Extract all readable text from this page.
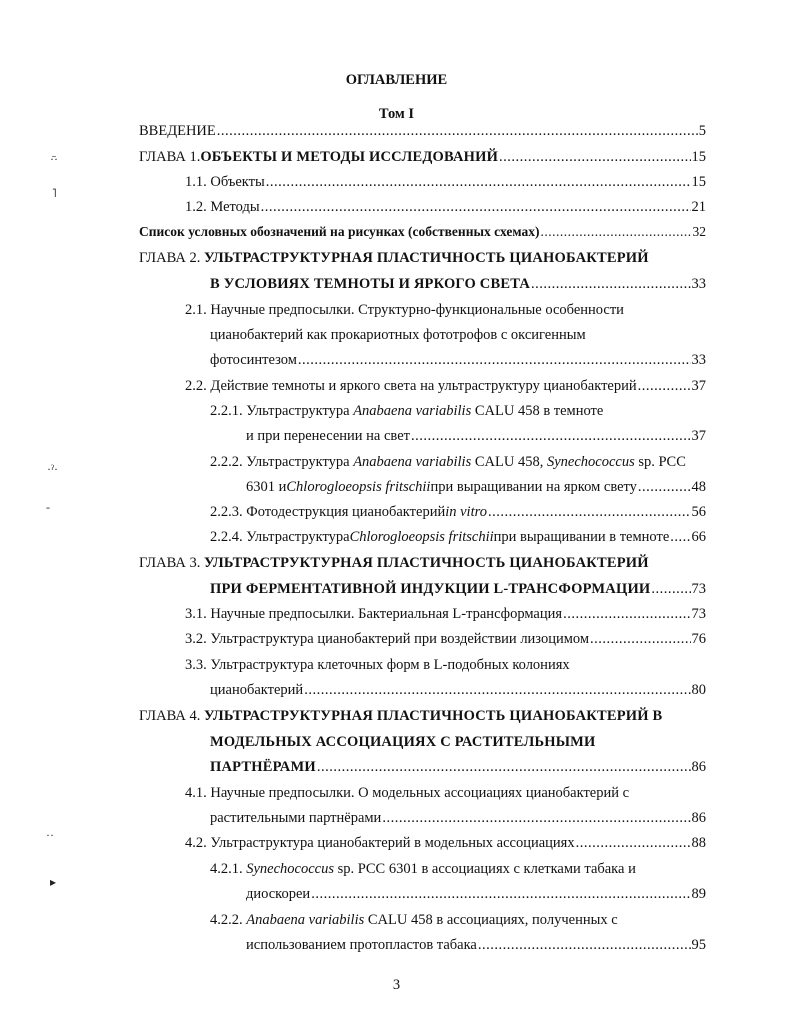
·̄·
˥
·ˀ·
-
··
▸
ОГЛАВЛЕНИЕ
Том I
ВВЕДЕНИЕ .....	5
ГЛАВА 1. ОБЪЕКТЫ И МЕТОДЫ ИССЛЕДОВАНИЙ .....	15
1.1. Объекты .....	15
1.2. Методы .....	21
Список условных обозначений на рисунках (собственных схемах) .....	32
ГЛАВА 2. УЛЬТРАСТРУКТУРНАЯ ПЛАСТИЧНОСТЬ ЦИАНОБАКТЕРИЙ
В УСЛОВИЯХ ТЕМНОТЫ И ЯРКОГО СВЕТА .....	33
2.1. Научные предпосылки. Структурно-функциональные особенности
цианобактерий как прокариотных фототрофов с оксигенным
фотосинтезом .....	33
2.2. Действие темноты и яркого света на ультраструктуру цианобактерий .....	37
2.2.1. Ультраструктура Anabaena variabilis CALU 458 в темноте
и при перенесении на свет .....	37
2.2.2. Ультраструктура Anabaena variabilis CALU 458, Synechococcus sp. PCC
6301 и Chlorogloeopsis fritschii при выращивании на ярком свету .....	48
2.2.3. Фотодеструкция цианобактерий in vitro .....	56
2.2.4. Ультраструктура Chlorogloeopsis fritschii при выращивании в темноте ..... 66
ГЛАВА 3. УЛЬТРАСТРУКТУРНАЯ ПЛАСТИЧНОСТЬ ЦИАНОБАКТЕРИЙ
ПРИ ФЕРМЕНТАТИВНОЙ ИНДУКЦИИ L-ТРАНСФОРМАЦИИ .....	73
3.1. Научные предпосылки. Бактериальная L-трансформация .....	73
3.2. Ультраструктура цианобактерий при воздействии лизоцимом .....	76
3.3. Ультраструктура клеточных форм в L-подобных колониях
цианобактерий .....	80
ГЛАВА 4. УЛЬТРАСТРУКТУРНАЯ ПЛАСТИЧНОСТЬ ЦИАНОБАКТЕРИЙ В
МОДЕЛЬНЫХ АССОЦИАЦИЯХ С РАСТИТЕЛЬНЫМИ
ПАРТНЁРАМИ .....	86
4.1. Научные предпосылки. О модельных ассоциациях цианобактерий с
растительными партнёрами .....	86
4.2. Ультраструктура цианобактерий в модельных ассоциациях .....	88
4.2.1. Synechococcus sp. PCC 6301 в ассоциациях с клетками табака и
диоскореи .....	89
4.2.2. Anabaena variabilis CALU 458 в ассоциациях, полученных с
использованием протопластов табака .....	95
3
